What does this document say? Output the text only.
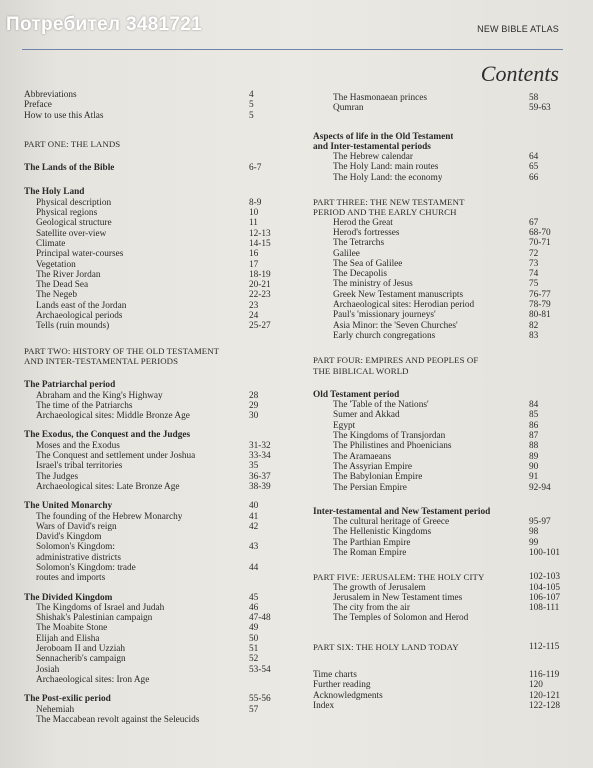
Потребител 3481721	NEW BIBLE ATLAS
Contents
Abbreviations	4
Preface	5
How to use this Atlas	5
PART ONE: THE LANDS
The Lands of the Bible	6-7
The Holy Land
Physical description	8-9
Physical regions	10
Geological structure	11
Satellite over-view	12-13
Climate	14-15
Principal water-courses	16
Vegetation	17
The River Jordan	18-19
The Dead Sea	20-21
The Negeb	22-23
Lands east of the Jordan	23
Archaeological periods	24
Tells (ruin mounds)	25-27
PART TWO: HISTORY OF THE OLD TESTAMENT
AND INTER-TESTAMENTAL PERIODS
The Patriarchal period
Abraham and the King's Highway	28
The time of the Patriarchs	29
Archaeological sites: Middle Bronze Age	30
The Exodus, the Conquest and the Judges
Moses and the Exodus	31-32
The Conquest and settlement under Joshua	33-34
Israel's tribal territories	35
The Judges	36-37
Archaeological sites: Late Bronze Age	38-39
The United Monarchy	40
The founding of the Hebrew Monarchy	41
Wars of David's reign	42
David's Kingdom
Solomon's Kingdom:	43
administrative districts
Solomon's Kingdom: trade	44
routes and imports
The Divided Kingdom	45
The Kingdoms of Israel and Judah	46
Shishak's Palestinian campaign	47-48
The Moabite Stone	49
Elijah and Elisha	50
Jeroboam II and Uzziah	51
Sennacherib's campaign	52
Josiah	53-54
Archaeological sites: Iron Age
The Post-exilic period	55-56
Nehemiah	57
The Maccabean revolt against the Seleucids
The Hasmonaean princes	58
Qumran	59-63
Aspects of life in the Old Testament
and Inter-testamental periods
The Hebrew calendar	64
The Holy Land: main routes	65
The Holy Land: the economy	66
PART THREE: THE NEW TESTAMENT
PERIOD AND THE EARLY CHURCH
Herod the Great	67
Herod's fortresses	68-70
The Tetrarchs	70-71
Galilee	72
The Sea of Galilee	73
The Decapolis	74
The ministry of Jesus	75
Greek New Testament manuscripts	76-77
Archaeological sites: Herodian period	78-79
Paul's 'missionary journeys'	80-81
Asia Minor: the 'Seven Churches'	82
Early church congregations	83
PART FOUR: EMPIRES AND PEOPLES OF
THE BIBLICAL WORLD
Old Testament period
The 'Table of the Nations'	84
Sumer and Akkad	85
Egypt	86
The Kingdoms of Transjordan	87
The Philistines and Phoenicians	88
The Aramaeans	89
The Assyrian Empire	90
The Babylonian Empire	91
The Persian Empire	92-94
Inter-testamental and New Testament period
The cultural heritage of Greece	95-97
The Hellenistic Kingdoms	98
The Parthian Empire	99
The Roman Empire	100-101
PART FIVE: JERUSALEM: THE HOLY CITY	102-103
The growth of Jerusalem	104-105
Jerusalem in New Testament times	106-107
The city from the air	108-111
The Temples of Solomon and Herod
PART SIX: THE HOLY LAND TODAY	112-115
Time charts	116-119
Further reading	120
Acknowledgments	120-121
Index	122-128
